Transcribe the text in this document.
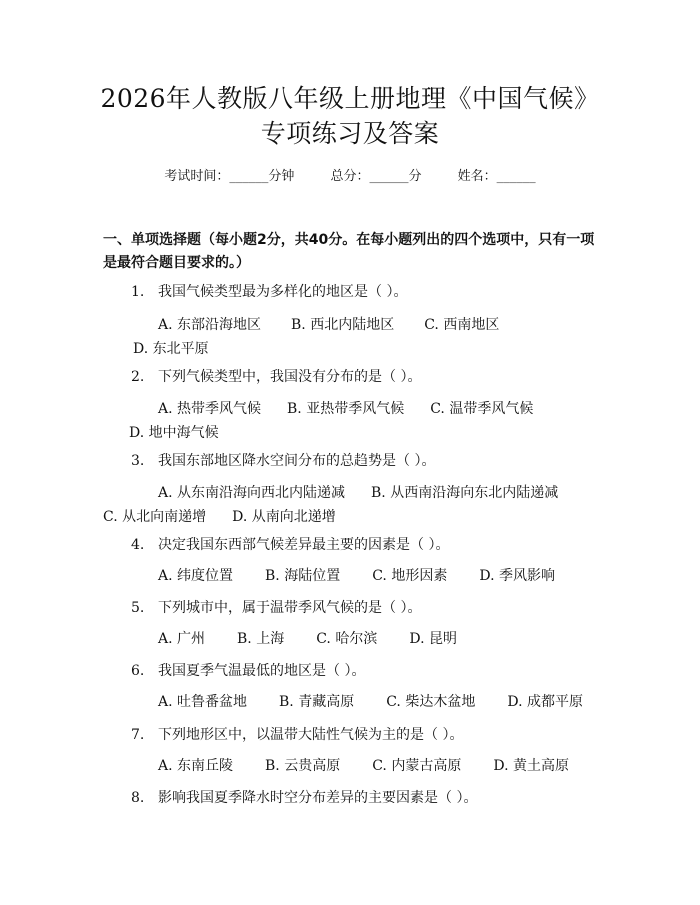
2026年人教版八年级上册地理《中国气候》
专项练习及答案
考试时间：______分钟	总分：______分	姓名：______
一、单项选择题（每小题2分，共40分。在每小题列出的四个选项中，只有一项是最符合题目要求的。）
1. 我国气候类型最为多样化的地区是（ ）。
A. 东部沿海地区 B. 西北内陆地区 C. 西南地区D. 东北平原
2. 下列气候类型中，我国没有分布的是（ ）。
A. 热带季风气候 B. 亚热带季风气候 C. 温带季风气候D. 地中海气候
3. 我国东部地区降水空间分布的总趋势是（ ）。
A. 从东南沿海向西北内陆递减 B. 从西南沿海向东北内陆递减C. 从北向南递增 D. 从南向北递增
4. 决定我国东西部气候差异最主要的因素是（ ）。
A. 纬度位置 B. 海陆位置 C. 地形因素 D. 季风影响
5. 下列城市中，属于温带季风气候的是（ ）。
A. 广州 B. 上海 C. 哈尔滨 D. 昆明
6. 我国夏季气温最低的地区是（ ）。
A. 吐鲁番盆地 B. 青藏高原 C. 柴达木盆地 D. 成都平原
7. 下列地形区中，以温带大陆性气候为主的是（ ）。
A. 东南丘陵 B. 云贵高原 C. 内蒙古高原 D. 黄土高原
8. 影响我国夏季降水时空分布差异的主要因素是（ ）。
